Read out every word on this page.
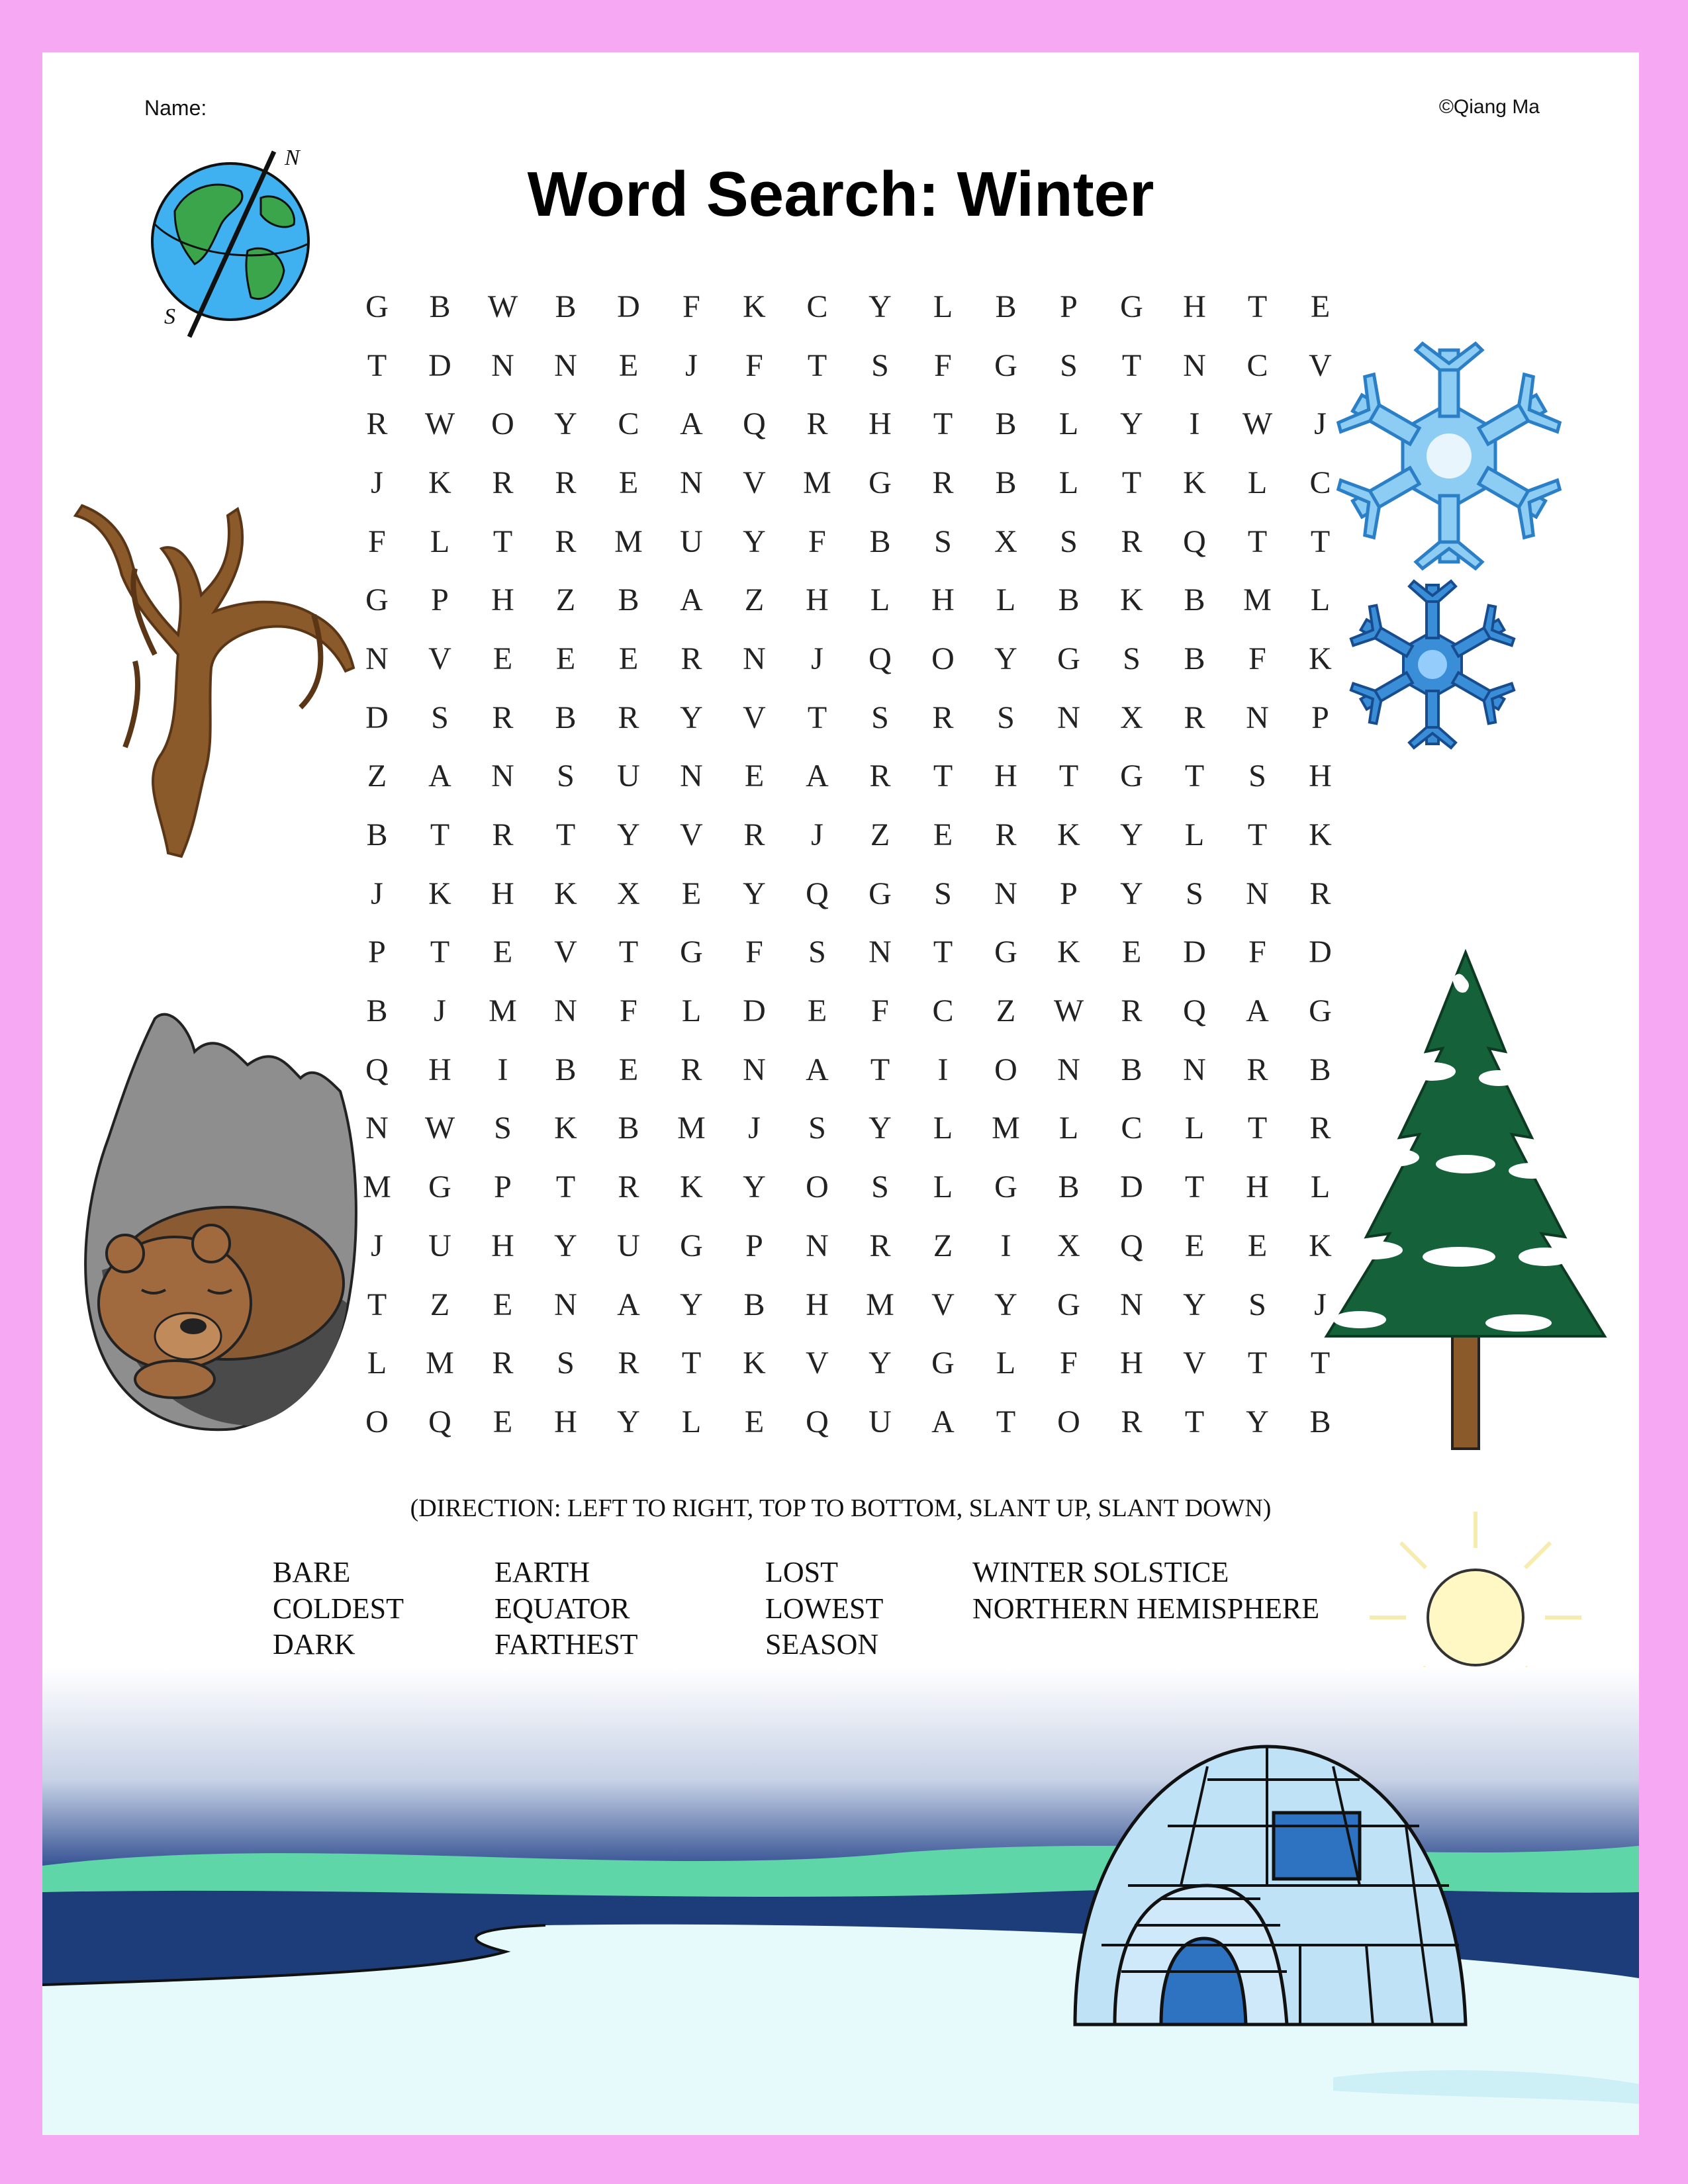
Name:	©Qiang Ma
Word Search: Winter
N
S	G	B	W	B	D	F	K	C	Y	L	B	P	G	H	T	E
T	D	N	N	E	J	F	T	S	F	G	S	T	N	C	V
R	W	O	Y	C	A	Q	R	H	T	B	L	Y	I	W	J
J	K	R	R	E	N	V	M	G	R	B	L	T	K	L	C
F	L	T	R	M	U	Y	F	B	S	X	S	R	Q	T	T
G	P	H	Z	B	A	Z	H	L	H	L	B	K	B	M	L
N	V	E	E	E	R	N	J	Q	O	Y	G	S	B	F	K
D	S	R	B	R	Y	V	T	S	R	S	N	X	R	N	P
Z	A	N	S	U	N	E	A	R	T	H	T	G	T	S	H
B	T	R	T	Y	V	R	J	Z	E	R	K	Y	L	T	K
J	K	H	K	X	E	Y	Q	G	S	N	P	Y	S	N	R
P	T	E	V	T	G	F	S	N	T	G	K	E	D	F	D
B	J	M	N	F	L	D	E	F	C	Z	W	R	Q	A	G
Q	H	I	B	E	R	N	A	T	I	O	N	B	N	R	B
N	W	S	K	B	M	J	S	Y	L	M	L	C	L	T	R
M	G	P	T	R	K	Y	O	S	L	G	B	D	T	H	L
J	U	H	Y	U	G	P	N	R	Z	I	X	Q	E	E	K
T	Z	E	N	A	Y	B	H	M	V	Y	G	N	Y	S	J
L	M	R	S	R	T	K	V	Y	G	L	F	H	V	T	T
O	Q	E	H	Y	L	E	Q	U	A	T	O	R	T	Y	B
(DIRECTION: LEFT TO RIGHT, TOP TO BOTTOM, SLANT UP, SLANT DOWN)
BARE
COLDEST
DARK
EARTH
EQUATOR
FARTHEST
LOST
LOWEST
SEASON
WINTER SOLSTICE
NORTHERN HEMISPHERE
